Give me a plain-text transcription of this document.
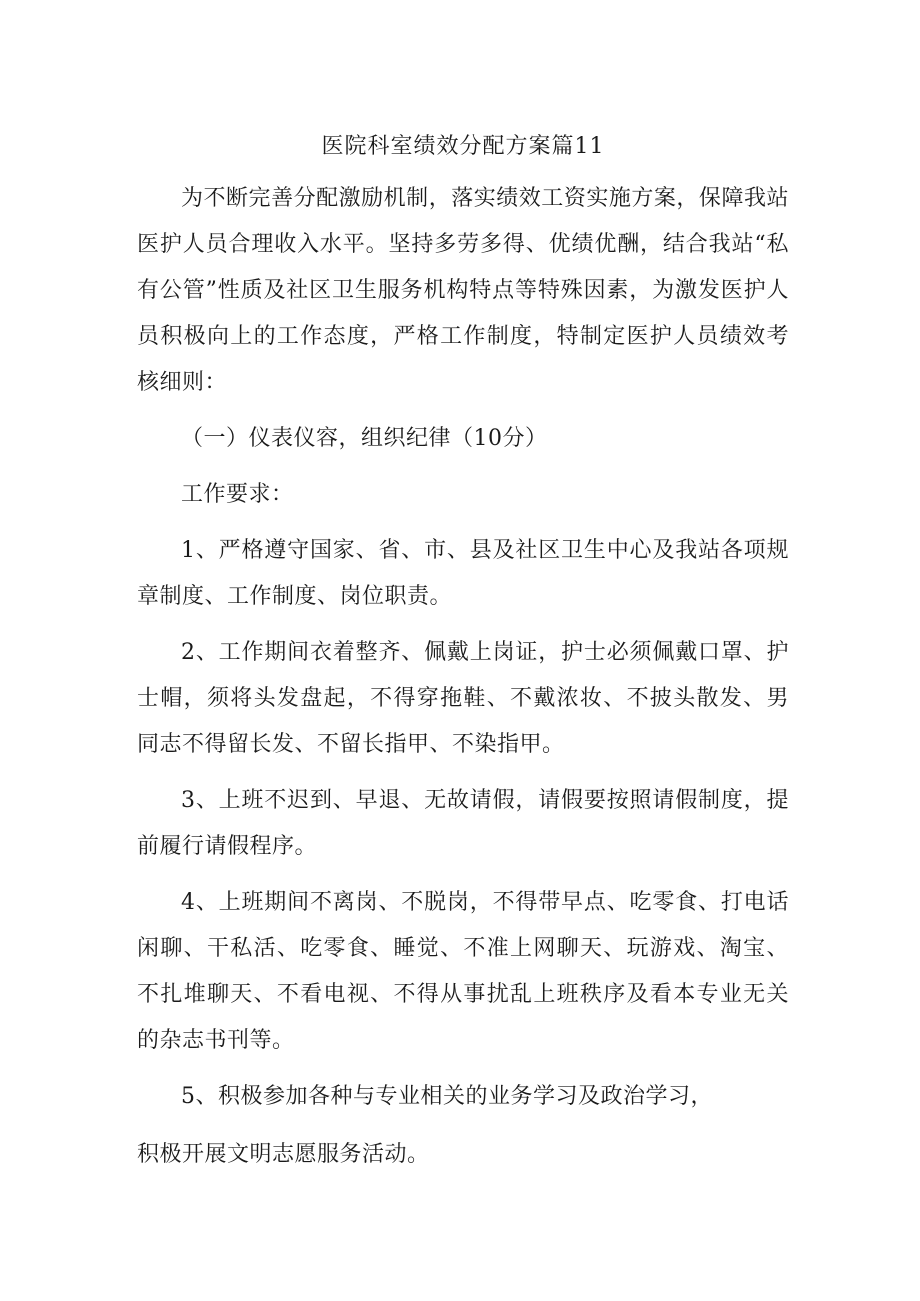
医院科室绩效分配方案篇11

为不断完善分配激励机制，落实绩效工资实施方案，保障我站医护人员合理收入水平。坚持多劳多得、优绩优酬，结合我站“私有公管”性质及社区卫生服务机构特点等特殊因素，为激发医护人员积极向上的工作态度，严格工作制度，特制定医护人员绩效考核细则：

（一）仪表仪容，组织纪律（10分）

工作要求：

1、严格遵守国家、省、市、县及社区卫生中心及我站各项规章制度、工作制度、岗位职责。

2、工作期间衣着整齐、佩戴上岗证，护士必须佩戴口罩、护士帽，须将头发盘起，不得穿拖鞋、不戴浓妆、不披头散发、男同志不得留长发、不留长指甲、不染指甲。

3、上班不迟到、早退、无故请假，请假要按照请假制度，提前履行请假程序。

4、上班期间不离岗、不脱岗，不得带早点、吃零食、打电话闲聊、干私活、吃零食、睡觉、不准上网聊天、玩游戏、淘宝、不扎堆聊天、不看电视、不得从事扰乱上班秩序及看本专业无关的杂志书刊等。

5、积极参加各种与专业相关的业务学习及政治学习，

积极开展文明志愿服务活动。
